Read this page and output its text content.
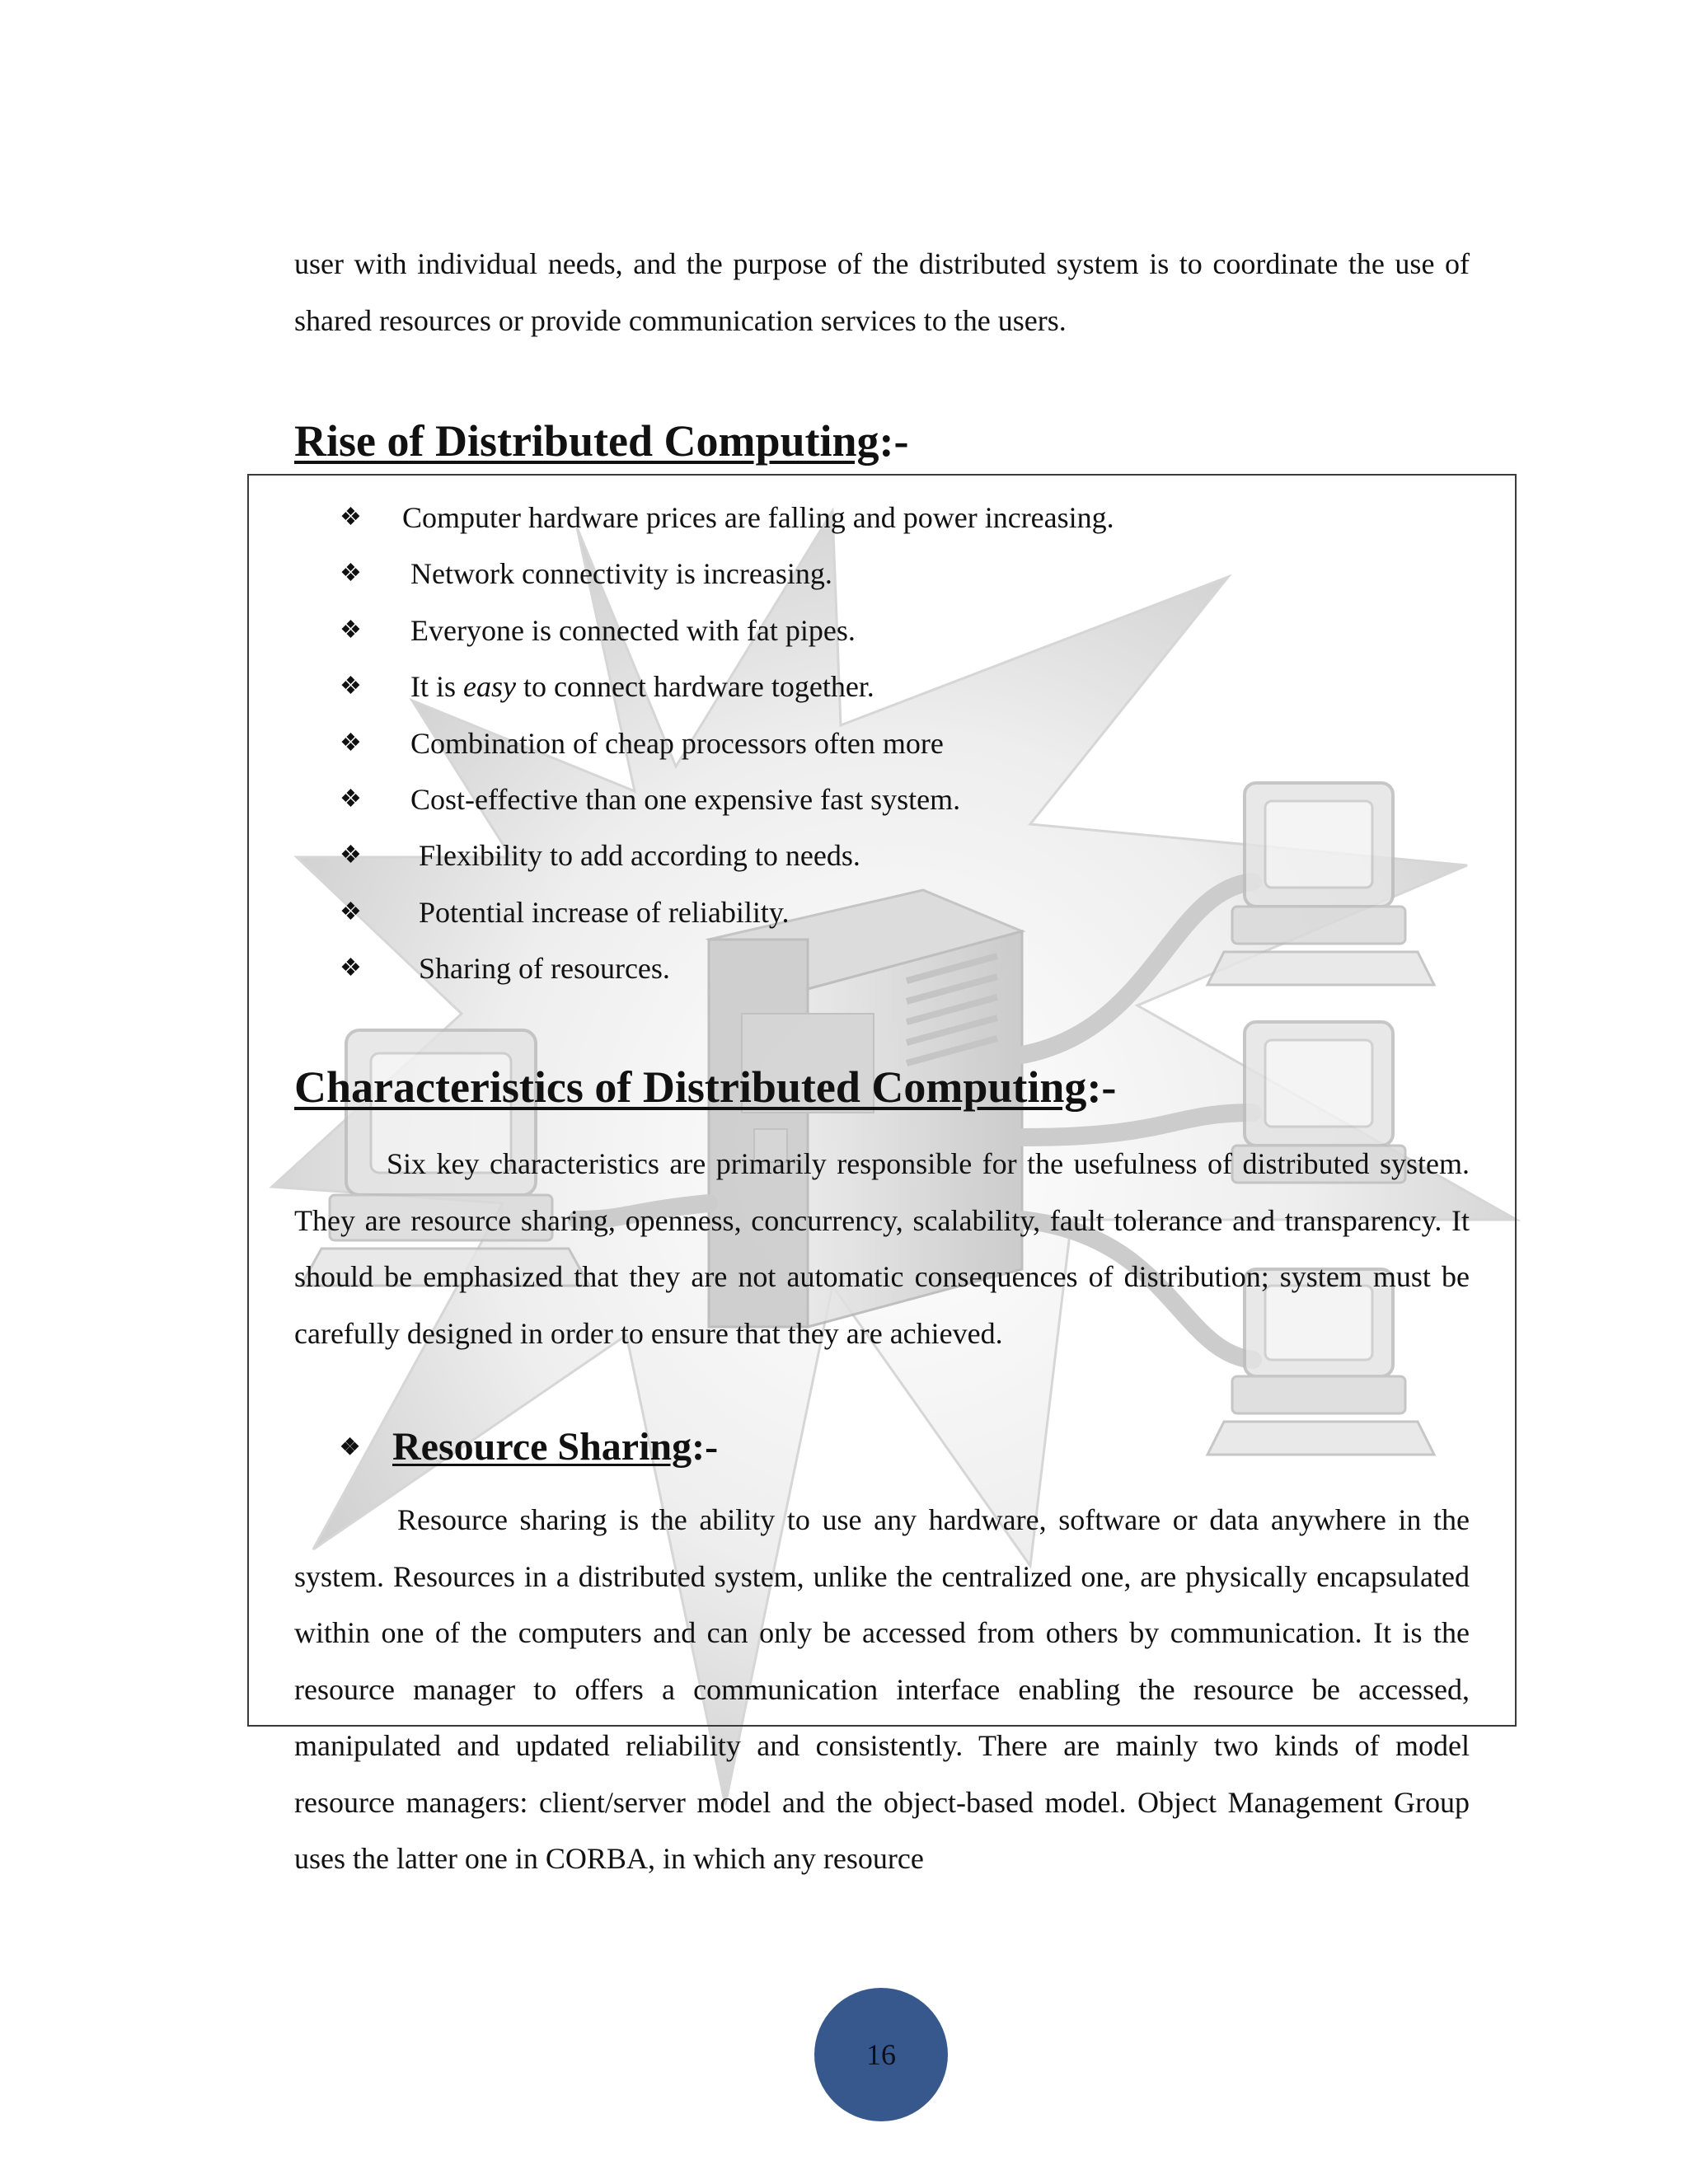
user with individual needs, and the purpose of the distributed system is to coordinate the use of shared resources or provide communication services to the users.

Rise of Distributed Computing:-
❖	Computer hardware prices are falling and power increasing.
❖	Network connectivity is increasing.
❖	Everyone is connected with fat pipes.
❖	It is easy to connect hardware together.
❖	Combination of cheap processors often more
❖	Cost-effective than one expensive fast system.
❖	Flexibility to add according to needs.
❖	Potential increase of reliability.
❖	Sharing of resources.
Characteristics of Distributed Computing:-

Six key characteristics are primarily responsible for the usefulness of distributed system. They are resource sharing, openness, concurrency, scalability, fault tolerance and transparency. It should be emphasized that they are not automatic consequences of distribution; system must be carefully designed in order to ensure that they are achieved.

❖ Resource Sharing :-

Resource sharing is the ability to use any hardware, software or data anywhere in the system. Resources in a distributed system, unlike the centralized one, are physically encapsulated within one of the computers and can only be accessed from others by communication. It is the resource manager to offers a communication interface enabling the resource be accessed, manipulated and updated reliability and consistently. There are mainly two kinds of model resource managers: client/server model and the object-based model. Object Management Group uses the latter one in CORBA, in which any resource

16
